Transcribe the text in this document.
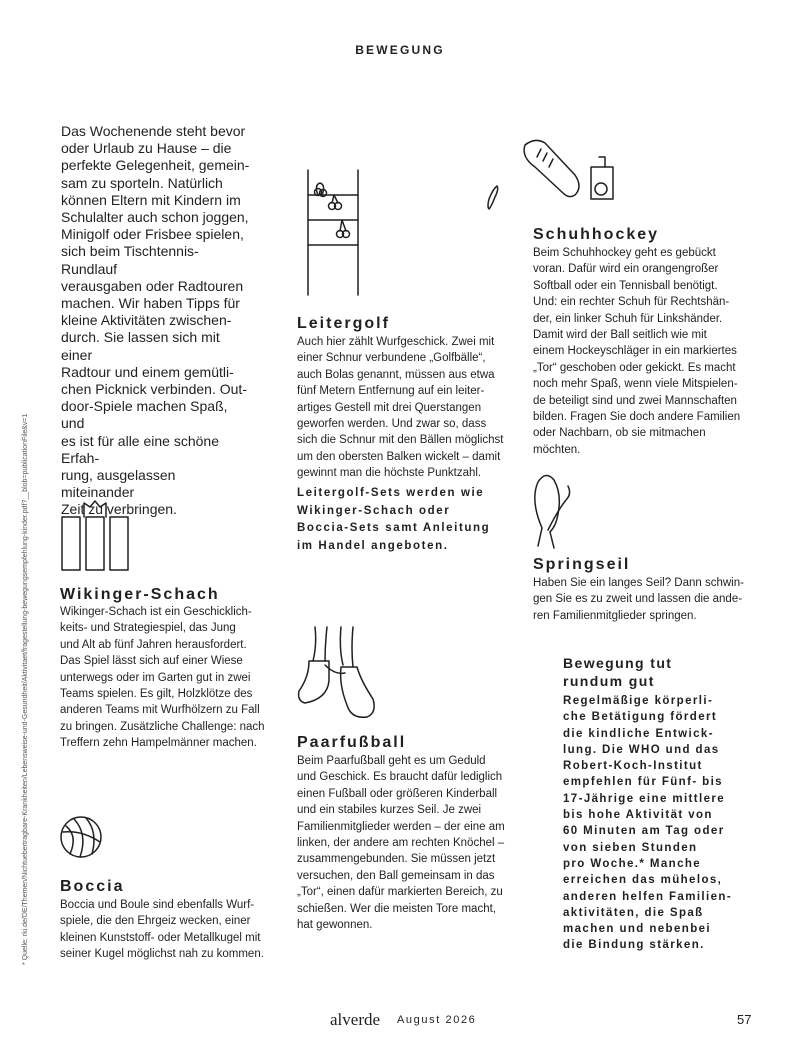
BEWEGUNG
* Quelle: rki.de/DE/Themen/Nichtuebertragbare-Krankheiten/Lebensweise-und-Gesundheit/Aktivitaet/fragestellung-bewegungsempfehlung-kinder.pdf?__blob=publicationFile&v=1
Das Wochenende steht bevor
oder Urlaub zu Hause – die
perfekte Gelegenheit, gemein-
sam zu sporteln. Natürlich
können Eltern mit Kindern im
Schulalter auch schon joggen,
Minigolf oder Frisbee spielen,
sich beim Tischtennis-Rundlauf
verausgaben oder Radtouren
machen. Wir haben Tipps für
kleine Aktivitäten zwischen-
durch. Sie lassen sich mit einer
Radtour und einem gemütli-
chen Picknick verbinden. Out-
door-Spiele machen Spaß, und
es ist für alle eine schöne Erfah-
rung, ausgelassen miteinander
Zeit zu verbringen.
Leitergolf
Auch hier zählt Wurfgeschick. Zwei mit
einer Schnur verbundene „Golfbälle“,
auch Bolas genannt, müssen aus etwa
fünf Metern Entfernung auf ein leiter-
artiges Gestell mit drei Querstangen
geworfen werden. Und zwar so, dass
sich die Schnur mit den Bällen möglichst
um den obersten Balken wickelt – damit
gewinnt man die höchste Punktzahl.
Leitergolf-Sets werden wie
Wikinger-Schach oder
Boccia-Sets samt Anleitung
im Handel angeboten.
Schuhhockey
Beim Schuhhockey geht es gebückt
voran. Dafür wird ein orangengroßer
Softball oder ein Tennisball benötigt.
Und: ein rechter Schuh für Rechtshän-
der, ein linker Schuh für Linkshänder.
Damit wird der Ball seitlich wie mit
einem Hockeyschläger in ein markiertes
„Tor“ geschoben oder gekickt. Es macht
noch mehr Spaß, wenn viele Mitspielen-
de beteiligt sind und zwei Mannschaften
bilden. Fragen Sie doch andere Familien
oder Nachbarn, ob sie mitmachen
möchten.
Wikinger-Schach
Wikinger-Schach ist ein Geschicklich-
keits- und Strategiespiel, das Jung
und Alt ab fünf Jahren herausfordert.
Das Spiel lässt sich auf einer Wiese
unterwegs oder im Garten gut in zwei
Teams spielen. Es gilt, Holzklötze des
anderen Teams mit Wurfhölzern zu Fall
zu bringen. Zusätzliche Challenge: nach
Treffern zehn Hampelmänner machen.
Springseil
Haben Sie ein langes Seil? Dann schwin-
gen Sie es zu zweit und lassen die ande-
ren Familienmitglieder springen.
Paarfußball
Beim Paarfußball geht es um Geduld
und Geschick. Es braucht dafür lediglich
einen Fußball oder größeren Kinderball
und ein stabiles kurzes Seil. Je zwei
Familienmitglieder werden – der eine am
linken, der andere am rechten Knöchel –
zusammengebunden. Sie müssen jetzt
versuchen, den Ball gemeinsam in das
„Tor“, einen dafür markierten Bereich, zu
schießen. Wer die meisten Tore macht,
hat gewonnen.
Bewegung tut
rundum gut
Regelmäßige körperli-
che Betätigung fördert
die kindliche Entwick-
lung. Die WHO und das
Robert-Koch-Institut
empfehlen für Fünf- bis
17-Jährige eine mittlere
bis hohe Aktivität von
60 Minuten am Tag oder
von sieben Stunden
pro Woche.* Manche
erreichen das mühelos,
anderen helfen Familien-
aktivitäten, die Spaß
machen und nebenbei
die Bindung stärken.
Boccia
Boccia und Boule sind ebenfalls Wurf-
spiele, die den Ehrgeiz wecken, einer
kleinen Kunststoff- oder Metallkugel mit
seiner Kugel möglichst nah zu kommen.
alverde August 2026	57
